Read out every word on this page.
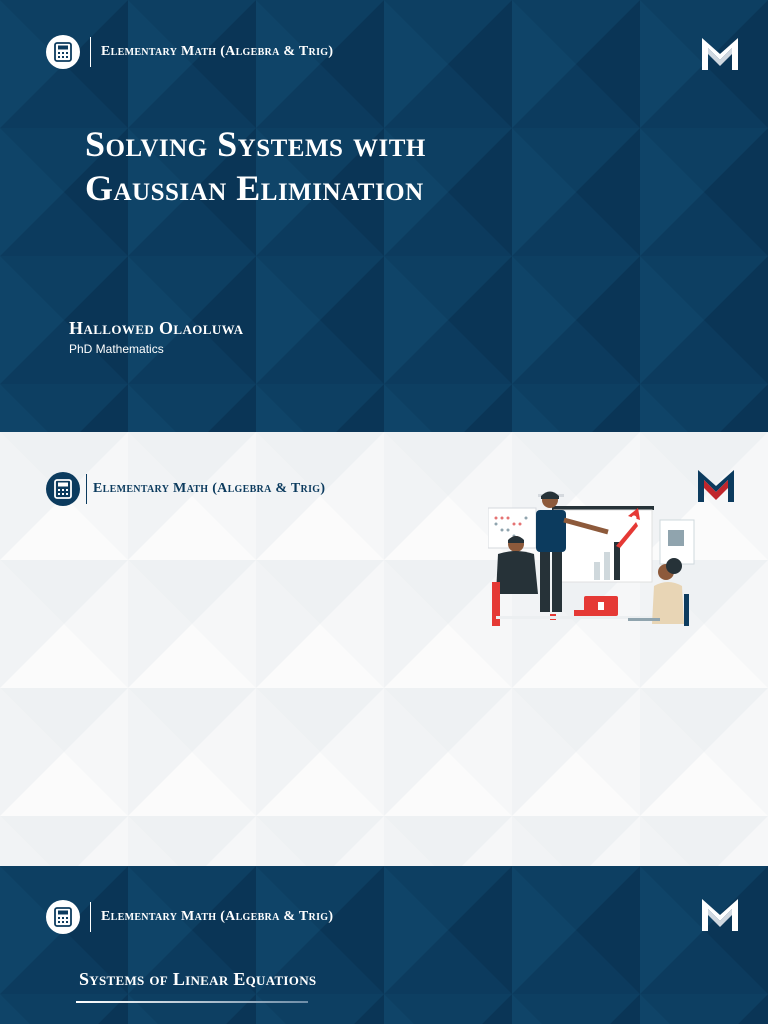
Elementary Math (Algebra & Trig)
Solving Systems with
Gaussian Elimination
Hallowed Olaoluwa
PhD Mathematics
Elementary Math (Algebra & Trig)
Elementary Math (Algebra & Trig)
Systems of Linear Equations
